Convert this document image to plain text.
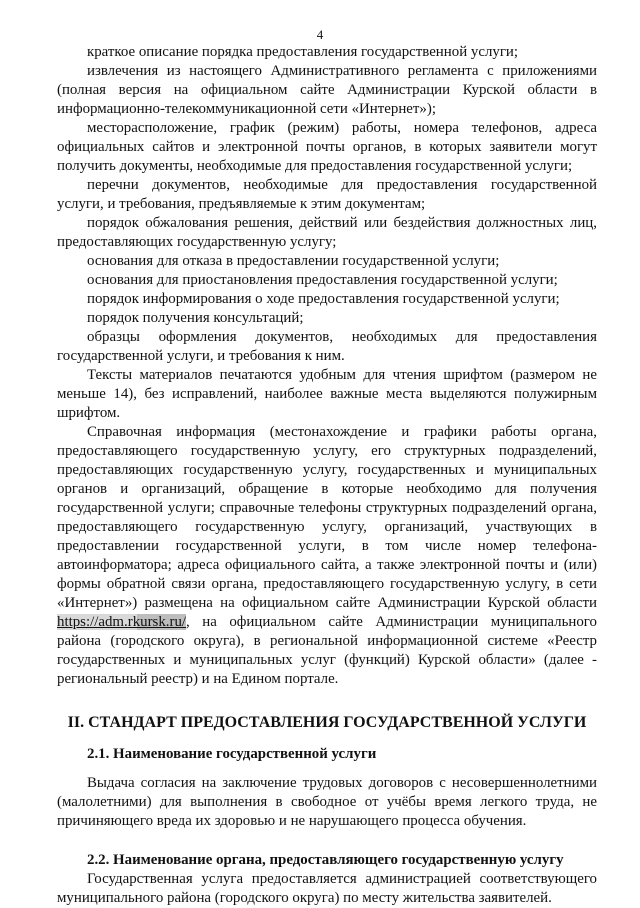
4

краткое описание порядка предоставления государственной услуги;

извлечения из настоящего Административного регламента с приложениями (полная версия на официальном сайте Администрации Курской области в информационно-телекоммуникационной сети «Интернет»);

месторасположение, график (режим) работы, номера телефонов, адреса официальных сайтов и электронной почты органов, в которых заявители могут получить документы, необходимые для предоставления государственной услуги;

перечни документов, необходимые для предоставления государственной услуги, и требования, предъявляемые к этим документам;

порядок обжалования решения, действий или бездействия должностных лиц, предоставляющих государственную услугу;

основания для отказа в предоставлении государственной услуги;

основания для приостановления предоставления государственной услуги;

порядок информирования о ходе предоставления государственной услуги;

порядок получения консультаций;

образцы оформления документов, необходимых для предоставления государственной услуги, и требования к ним.

Тексты материалов печатаются удобным для чтения шрифтом (размером не меньше 14), без исправлений, наиболее важные места выделяются полужирным шрифтом.

Справочная информация (местонахождение и графики работы органа, предоставляющего государственную услугу, его структурных подразделений, предоставляющих государственную услугу, государственных и муниципальных органов и организаций, обращение в которые необходимо для получения государственной услуги; справочные телефоны структурных подразделений органа, предоставляющего государственную услугу, организаций, участвующих в предоставлении государственной услуги, в том числе номер телефона-автоинформатора; адреса официального сайта, а также электронной почты и (или) формы обратной связи органа, предоставляющего государственную услугу, в сети «Интернет») размещена на официальном сайте Администрации Курской области https://adm.rkursk.ru/, на официальном сайте Администрации муниципального района (городского округа), в региональной информационной системе «Реестр государственных и муниципальных услуг (функций) Курской области» (далее - региональный реестр) и на Едином портале.

II. СТАНДАРТ ПРЕДОСТАВЛЕНИЯ ГОСУДАРСТВЕННОЙ УСЛУГИ

2.1. Наименование государственной услуги

Выдача согласия на заключение трудовых договоров с несовершеннолетними (малолетними) для выполнения в свободное от учёбы время легкого труда, не причиняющего вреда их здоровью и не нарушающего процесса обучения.

2.2. Наименование органа, предоставляющего государственную услугу

Государственная услуга предоставляется администрацией соответствующего муниципального района (городского округа) по месту жительства заявителей.
